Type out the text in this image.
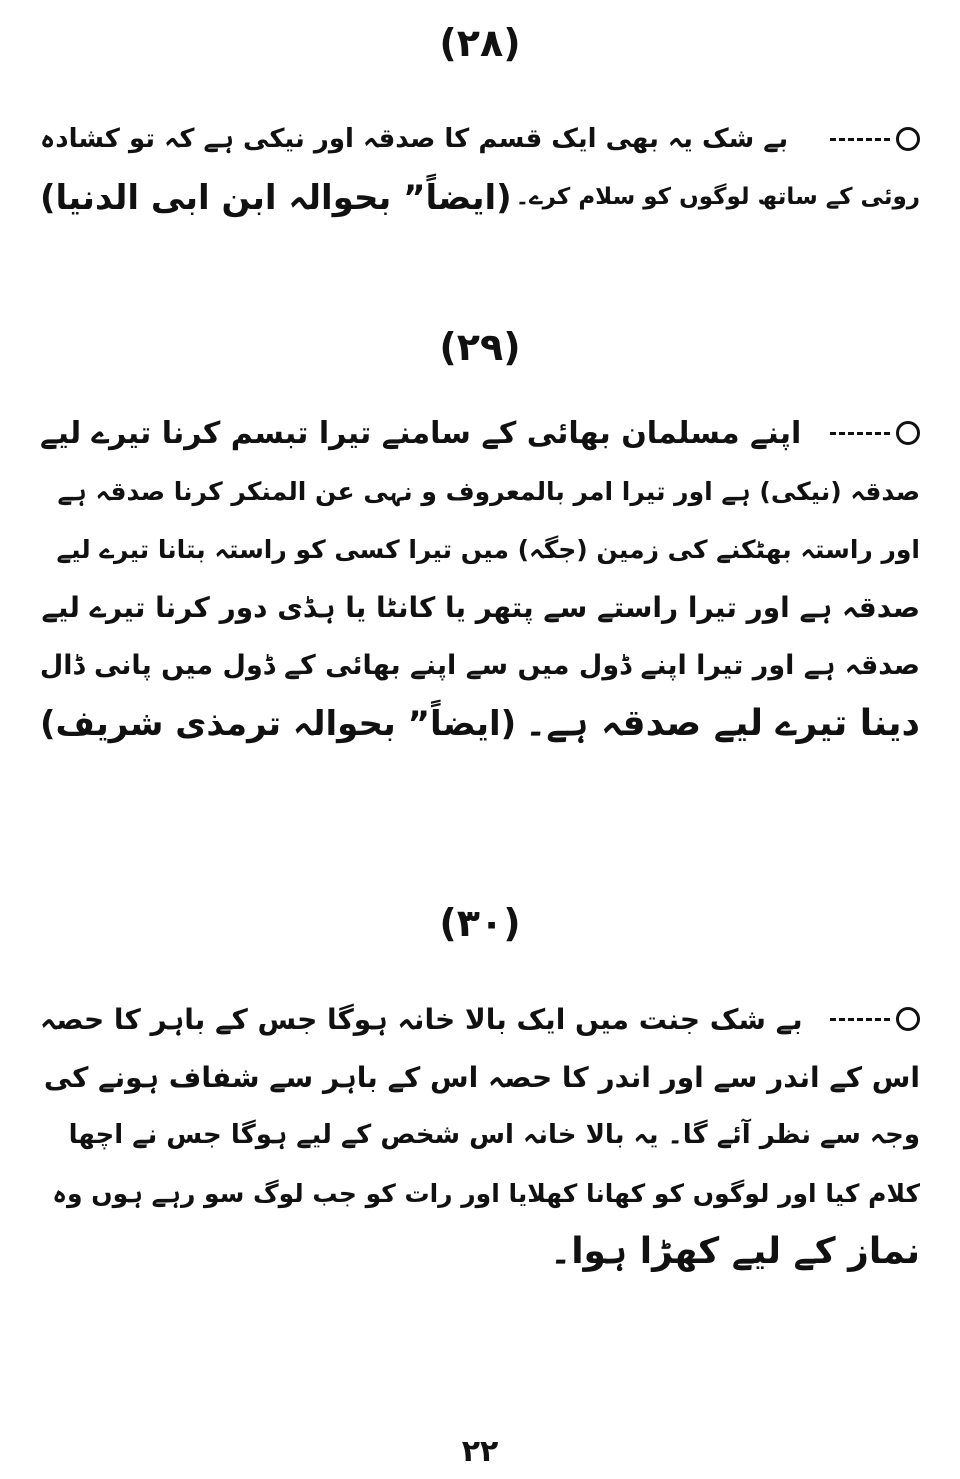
(۲۸)
بے شک یہ بھی ایک قسم کا صدقہ اور نیکی ہے کہ تو کشادہ
روئی کے ساتھ لوگوں کو سلام کرے۔
(ایضاً” بحوالہ ابن ابی الدنیا)
(۲۹)
اپنے مسلمان بھائی کے سامنے تیرا تبسم کرنا تیرے لیے
صدقہ (نیکی) ہے اور تیرا امر بالمعروف و نہی عن المنکر کرنا صدقہ ہے
اور راستہ بھٹکنے کی زمین (جگہ) میں تیرا کسی کو راستہ بتانا تیرے لیے
صدقہ ہے اور تیرا راستے سے پتھر یا کانٹا یا ہڈی دور کرنا تیرے لیے
صدقہ ہے اور تیرا اپنے ڈول میں سے اپنے بھائی کے ڈول میں پانی ڈال
دینا تیرے لیے صدقہ ہے۔
(ایضاً” بحوالہ ترمذی شریف)
(۳۰)
بے شک جنت میں ایک بالا خانہ ہوگا جس کے باہر کا حصہ
اس کے اندر سے اور اندر کا حصہ اس کے باہر سے شفاف ہونے کی
وجہ سے نظر آئے گا۔ یہ بالا خانہ اس شخص کے لیے ہوگا جس نے اچھا
کلام کیا اور لوگوں کو کھانا کھلایا اور رات کو جب لوگ سو رہے ہوں وہ
نماز کے لیے کھڑا ہوا۔
۲۲
